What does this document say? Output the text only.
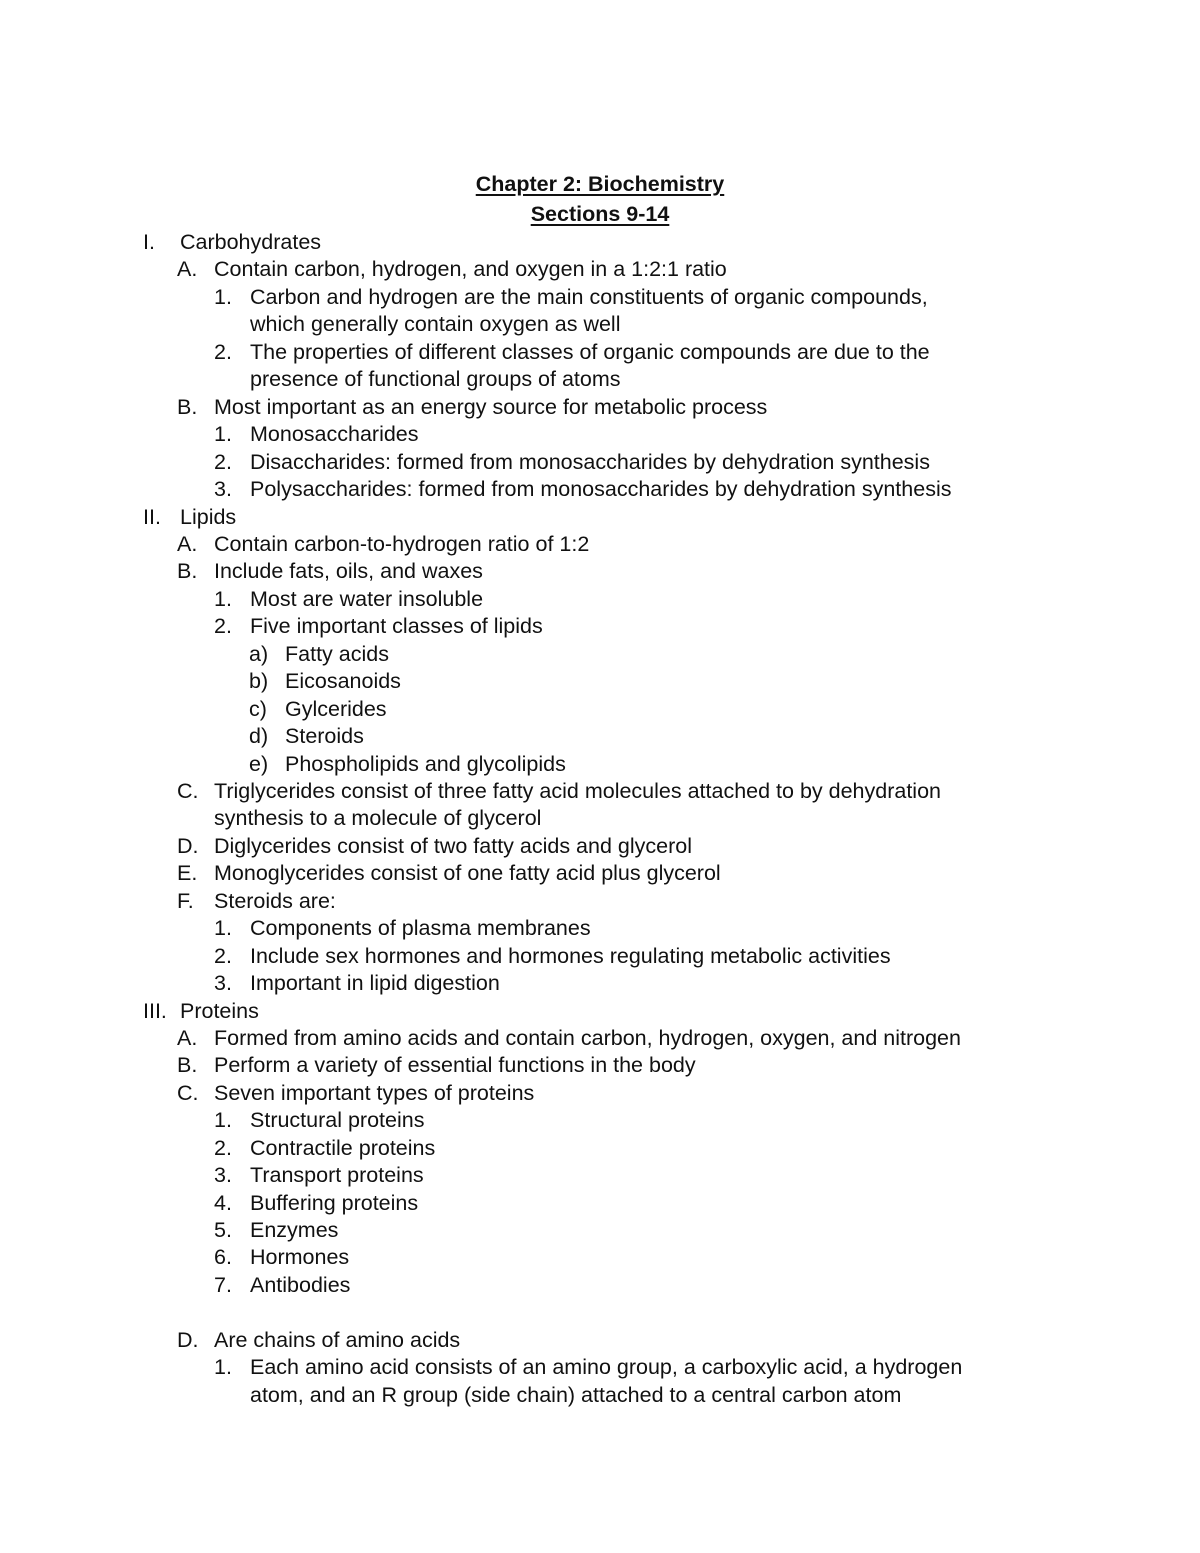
Chapter 2: Biochemistry
Sections 9-14
I. Carbohydrates
A. Contain carbon, hydrogen, and oxygen in a 1:2:1 ratio
1. Carbon and hydrogen are the main constituents of organic compounds,
which generally contain oxygen as well
2. The properties of different classes of organic compounds are due to the
presence of functional groups of atoms
B. Most important as an energy source for metabolic process
1. Monosaccharides
2. Disaccharides: formed from monosaccharides by dehydration synthesis
3. Polysaccharides: formed from monosaccharides by dehydration synthesis
II. Lipids
A. Contain carbon-to-hydrogen ratio of 1:2
B. Include fats, oils, and waxes
1. Most are water insoluble
2. Five important classes of lipids
a) Fatty acids
b) Eicosanoids
c) Gylcerides
d) Steroids
e) Phospholipids and glycolipids
C. Triglycerides consist of three fatty acid molecules attached to by dehydration
synthesis to a molecule of glycerol
D. Diglycerides consist of two fatty acids and glycerol
E. Monoglycerides consist of one fatty acid plus glycerol
F. Steroids are:
1. Components of plasma membranes
2. Include sex hormones and hormones regulating metabolic activities
3. Important in lipid digestion
III. Proteins
A. Formed from amino acids and contain carbon, hydrogen, oxygen, and nitrogen
B. Perform a variety of essential functions in the body
C. Seven important types of proteins
1. Structural proteins
2. Contractile proteins
3. Transport proteins
4. Buffering proteins
5. Enzymes
6. Hormones
7. Antibodies
D. Are chains of amino acids
1. Each amino acid consists of an amino group, a carboxylic acid, a hydrogen
atom, and an R group (side chain) attached to a central carbon atom
